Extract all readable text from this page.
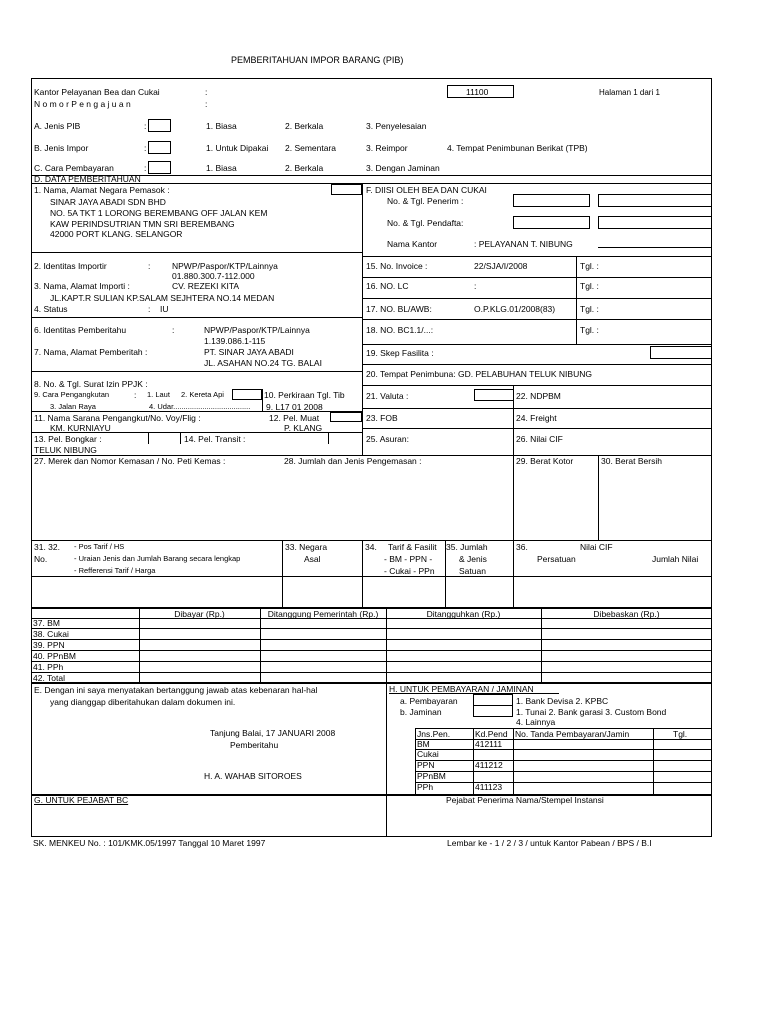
PEMBERITAHUAN IMPOR BARANG (PIB)
Kantor Pelayanan Bea dan Cukai	:	11100	Halaman 1 dari 1
N o m o r P e n g a j u a n	:
A. Jenis PIB	:	1. Biasa	2. Berkala	3. Penyelesaian
B. Jenis Impor	:	1. Untuk Dipakai 2. Sementara	3. Reimpor	4. Tempat Penimbunan Berikat (TPB)
C. Cara Pembayaran	:	1. Biasa	2. Berkala	3. Dengan Jaminan
D. DATA PEMBERITAHUAN
1. Nama, Alamat Negara Pemasok :
SINAR JAYA ABADI SDN BHD
NO. 5A TKT 1 LORONG BEREMBANG OFF JALAN KEM
KAW PERINDSUTRIAN TMN SRI BEREMBANG
42000 PORT KLANG. SELANGOR
2. Identitas Importir	:	NPWP/Paspor/KTP/Lainnya
01.880.300.7-112.000
3. Nama, Alamat Importi :	CV. REZEKI KITA
JL.KAPT.R SULIAN KP.SALAM SEJHTERA NO.14 MEDAN
4. Status	: IU
6. Identitas Pemberitahu	:	NPWP/Paspor/KTP/Lainnya
1.139.086.1-115
7. Nama, Alamat Pemberitah :	PT. SINAR JAYA ABADI
JL. ASAHAN NO.24 TG. BALAI
8. No. & Tgl. Surat Izin PPJK :
9. Cara Pengangkutan	: 1. Laut 2. Kereta Api
3. Jalan Raya	4. Udar.....................................
10. Perkiraan Tgl. Tib
9. L17 01 2008
11. Nama Sarana Pengangkut/No. Voy/Flig :
KM. KURNIAYU
12. Pel. Muat
P. KLANG
13. Pel. Bongkar :	14. Pel. Transit :
TELUK NIBUNG
F. DIISI OLEH BEA DAN CUKAI
No. & Tgl. Penerim :
No. & Tgl. Pendafta:
Nama Kantor	: PELAYANAN T. NIBUNG
15. No. Invoice :	22/SJA/I/2008	Tgl. :
16. NO. LC	:	Tgl. :
17. NO. BL/AWB:	O.P.KLG.01/2008(83)	Tgl. :
18. NO. BC1.1/...:	Tgl. :
19. Skep Fasilita :
20. Tempat Penimbuna: GD. PELABUHAN TELUK NIBUNG
21. Valuta :	22. NDPBM
23. FOB	24. Freight
25. Asuran:	26. Nilai CIF
27. Merek dan Nomor Kemasan / No. Peti Kemas :	28. Jumlah dan Jenis Pengemasan :	29. Berat Kotor	30. Berat Bersih
31. 32.
No.
- Pos Tarif / HS
- Uraian Jenis dan Jumlah Barang secara lengkap
- Refferensi Tarif / Harga
33. Negara
Asal
34. Tarif & Fasilit
- BM - PPN -
- Cukai - PPn
35. Jumlah
& Jenis
Satuan
36.	Nilai CIF
Persatuan	Jumlah Nilai
Dibayar (Rp.)	Ditanggung Pemerintah (Rp.)	Ditangguhkan (Rp.)	Dibebaskan (Rp.)
37. BM
38. Cukai
39. PPN
40. PPnBM
41. PPh
42. Total
E. Dengan ini saya menyatakan bertanggung jawab atas kebenaran hal-hal
yang dianggap diberitahukan dalam dokumen ini.
Tanjung Balai, 17 JANUARI 2008
Pemberitahu
H. A. WAHAB SITOROES
H. UNTUK PEMBAYARAN / JAMINAN
a. Pembayaran	1. Bank Devisa 2. KPBC
b. Jaminan	1. Tunai 2. Bank garasi 3. Custom Bond
4. Lainnya
Jns.Pen.	Kd.Pend No. Tanda Pembayaran/Jamin	Tgl.
BM	412111
Cukai
PPN	411212
PPnBM
PPh	411123
G. UNTUK PEJABAT BC	Pejabat Penerima Nama/Stempel Instansi
SK. MENKEU No. : 101/KMK.05/1997 Tanggal 10 Maret 1997	Lembar ke - 1 / 2 / 3 / untuk Kantor Pabean / BPS / B.I
